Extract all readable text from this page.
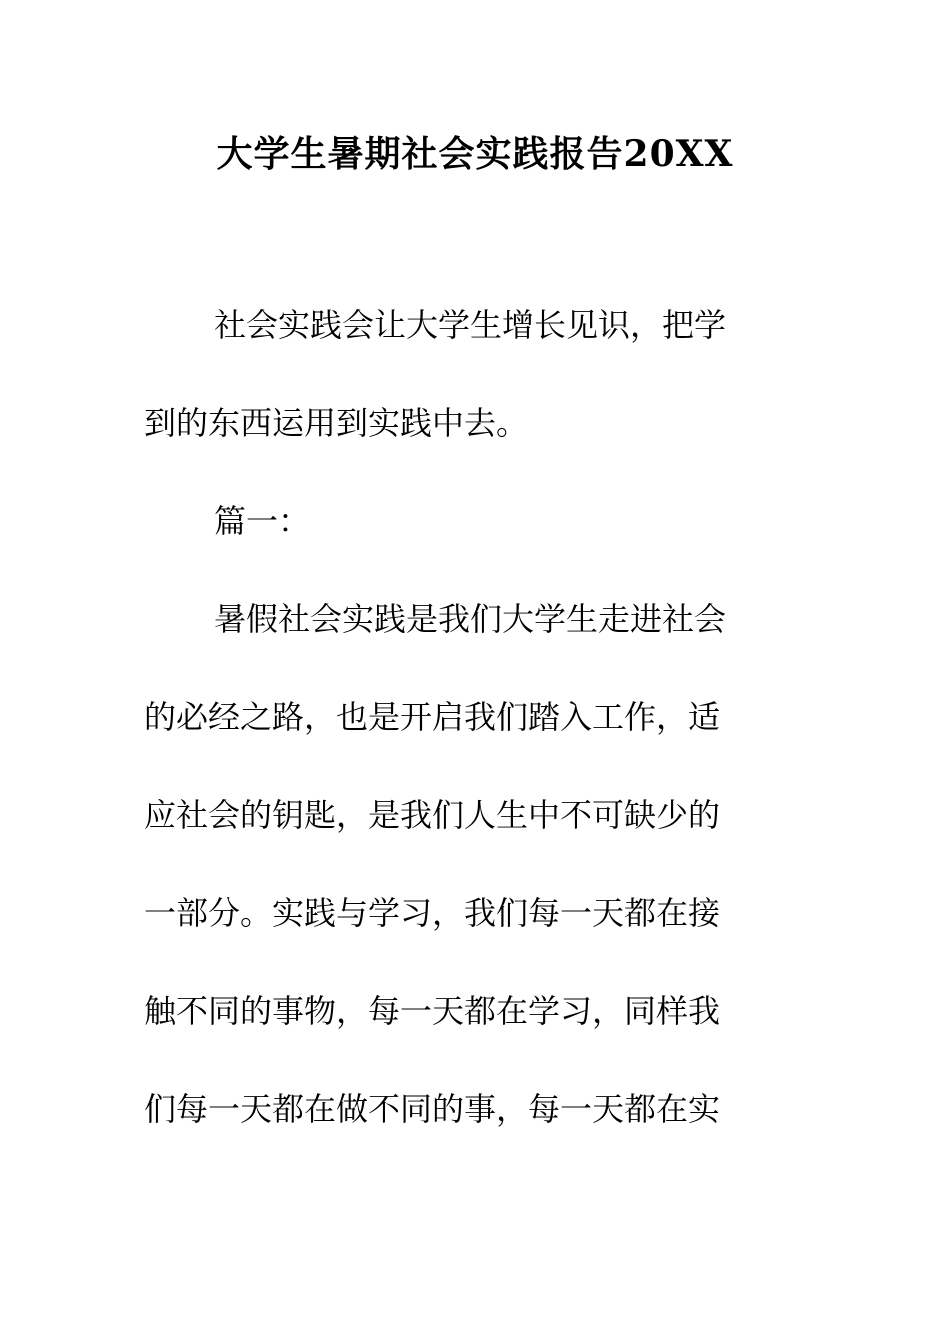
大学生暑期社会实践报告20XX

社会实践会让大学生增长见识，把学
到的东西运用到实践中去。

篇一：

暑假社会实践是我们大学生走进社会
的必经之路，也是开启我们踏入工作，适
应社会的钥匙，是我们人生中不可缺少的
一部分。实践与学习，我们每一天都在接
触不同的事物，每一天都在学习，同样我
们每一天都在做不同的事，每一天都在实
